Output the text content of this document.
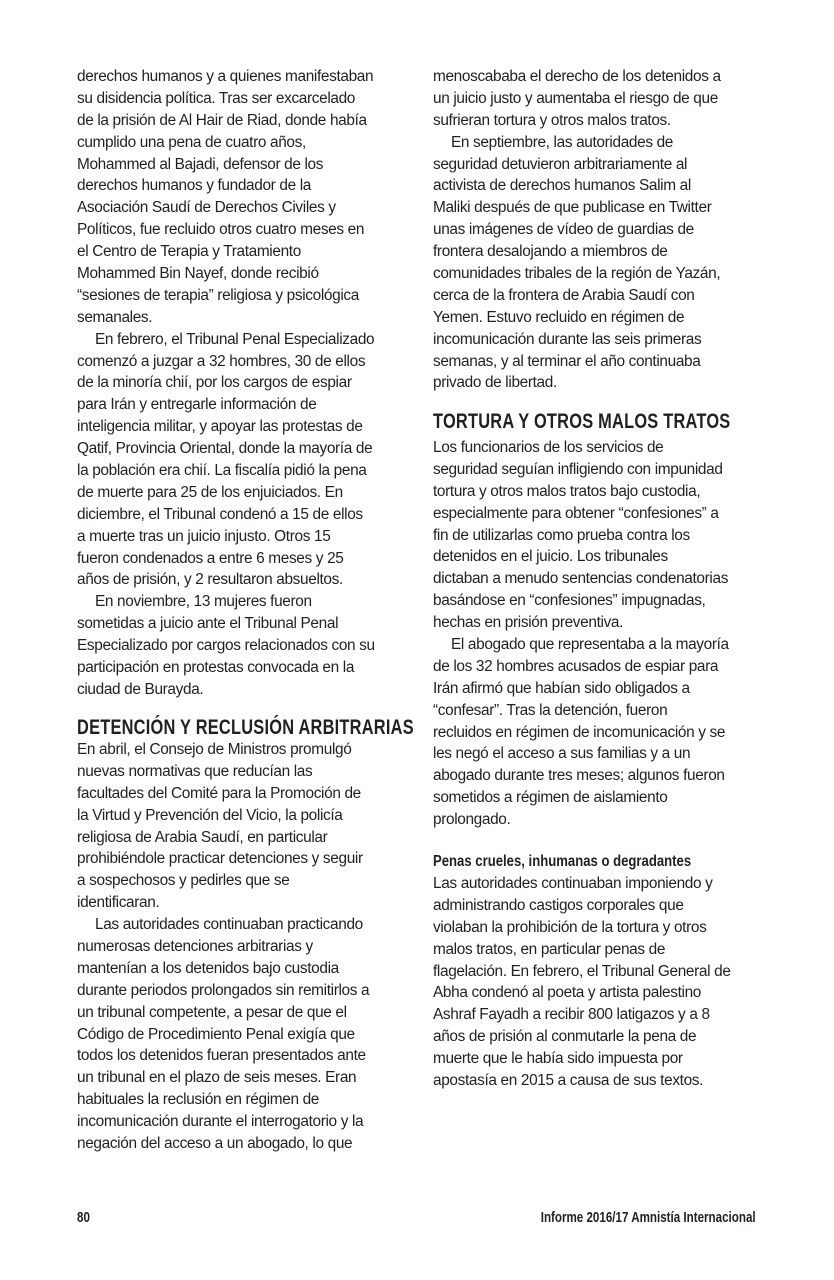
derechos humanos y a quienes manifestaban
su disidencia política. Tras ser excarcelado
de la prisión de Al Hair de Riad, donde había
cumplido una pena de cuatro años,
Mohammed al Bajadi, defensor de los
derechos humanos y fundador de la
Asociación Saudí de Derechos Civiles y
Políticos, fue recluido otros cuatro meses en
el Centro de Terapia y Tratamiento
Mohammed Bin Nayef, donde recibió
“sesiones de terapia” religiosa y psicológica
semanales.
En febrero, el Tribunal Penal Especializado
comenzó a juzgar a 32 hombres, 30 de ellos
de la minoría chií, por los cargos de espiar
para Irán y entregarle información de
inteligencia militar, y apoyar las protestas de
Qatif, Provincia Oriental, donde la mayoría de
la población era chií. La fiscalía pidió la pena
de muerte para 25 de los enjuiciados. En
diciembre, el Tribunal condenó a 15 de ellos
a muerte tras un juicio injusto. Otros 15
fueron condenados a entre 6 meses y 25
años de prisión, y 2 resultaron absueltos.
En noviembre, 13 mujeres fueron
sometidas a juicio ante el Tribunal Penal
Especializado por cargos relacionados con su
participación en protestas convocada en la
ciudad de Burayda.
DETENCIÓN Y RECLUSIÓN ARBITRARIAS
En abril, el Consejo de Ministros promulgó
nuevas normativas que reducían las
facultades del Comité para la Promoción de
la Virtud y Prevención del Vicio, la policía
religiosa de Arabia Saudí, en particular
prohibiéndole practicar detenciones y seguir
a sospechosos y pedirles que se
identificaran.
Las autoridades continuaban practicando
numerosas detenciones arbitrarias y
mantenían a los detenidos bajo custodia
durante periodos prolongados sin remitirlos a
un tribunal competente, a pesar de que el
Código de Procedimiento Penal exigía que
todos los detenidos fueran presentados ante
un tribunal en el plazo de seis meses. Eran
habituales la reclusión en régimen de
incomunicación durante el interrogatorio y la
negación del acceso a un abogado, lo que
menoscababa el derecho de los detenidos a
un juicio justo y aumentaba el riesgo de que
sufrieran tortura y otros malos tratos.
En septiembre, las autoridades de
seguridad detuvieron arbitrariamente al
activista de derechos humanos Salim al
Maliki después de que publicase en Twitter
unas imágenes de vídeo de guardias de
frontera desalojando a miembros de
comunidades tribales de la región de Yazán,
cerca de la frontera de Arabia Saudí con
Yemen. Estuvo recluido en régimen de
incomunicación durante las seis primeras
semanas, y al terminar el año continuaba
privado de libertad.
TORTURA Y OTROS MALOS TRATOS
Los funcionarios de los servicios de
seguridad seguían infligiendo con impunidad
tortura y otros malos tratos bajo custodia,
especialmente para obtener “confesiones” a
fin de utilizarlas como prueba contra los
detenidos en el juicio. Los tribunales
dictaban a menudo sentencias condenatorias
basándose en “confesiones” impugnadas,
hechas en prisión preventiva.
El abogado que representaba a la mayoría
de los 32 hombres acusados de espiar para
Irán afirmó que habían sido obligados a
“confesar”. Tras la detención, fueron
recluidos en régimen de incomunicación y se
les negó el acceso a sus familias y a un
abogado durante tres meses; algunos fueron
sometidos a régimen de aislamiento
prolongado.
Penas crueles, inhumanas o degradantes
Las autoridades continuaban imponiendo y
administrando castigos corporales que
violaban la prohibición de la tortura y otros
malos tratos, en particular penas de
flagelación. En febrero, el Tribunal General de
Abha condenó al poeta y artista palestino
Ashraf Fayadh a recibir 800 latigazos y a 8
años de prisión al conmutarle la pena de
muerte que le había sido impuesta por
apostasía en 2015 a causa de sus textos.
80	Informe 2016/17 Amnistía Internacional
